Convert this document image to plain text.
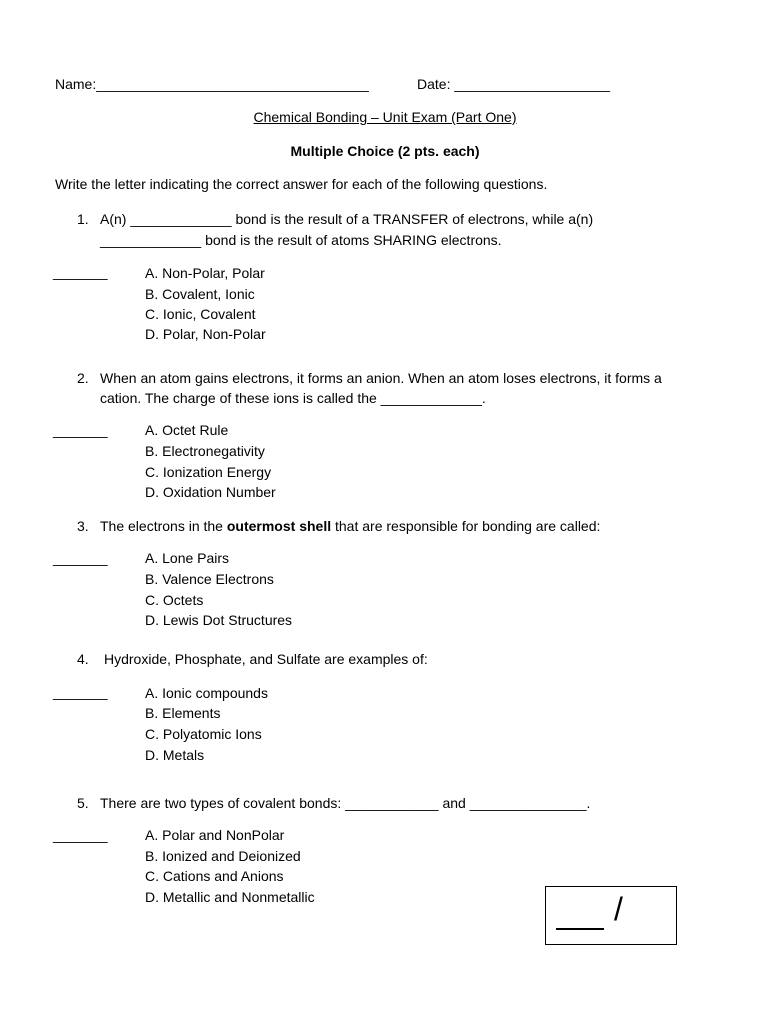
Name:___________________________________	Date: ____________________
Chemical Bonding – Unit Exam (Part One)
Multiple Choice (2 pts. each)
Write the letter indicating the correct answer for each of the following questions.
1. A(n) _____________ bond is the result of a TRANSFER of electrons, while a(n)
_____________ bond is the result of atoms SHARING electrons.
_______	A. Non-Polar, Polar
B. Covalent, Ionic
C. Ionic, Covalent
D. Polar, Non-Polar
2. When an atom gains electrons, it forms an anion. When an atom loses electrons, it forms a
cation. The charge of these ions is called the _____________.
_______	A. Octet Rule
B. Electronegativity
C. Ionization Energy
D. Oxidation Number
3. The electrons in the outermost shell that are responsible for bonding are called:
_______	A. Lone Pairs
B. Valence Electrons
C. Octets
D. Lewis Dot Structures
4. Hydroxide, Phosphate, and Sulfate are examples of:
_______	A. Ionic compounds
B. Elements
C. Polyatomic Ions
D. Metals
5. There are two types of covalent bonds: ____________ and _______________.
_______	A. Polar and NonPolar
B. Ionized and Deionized
C. Cations and Anions
D. Metallic and Nonmetallic	/
